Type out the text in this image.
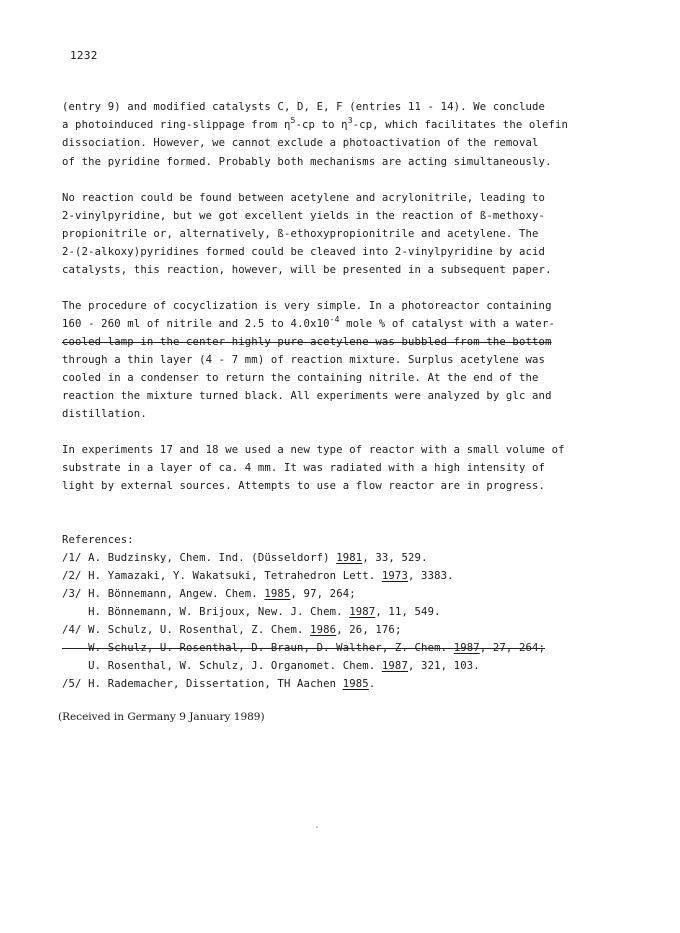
1232
(entry 9) and modified catalysts C, D, E, F (entries 11 - 14). We conclude
a photoinduced ring-slippage from $\eta^5-cp$ to $\eta^3-cp$, which facilitates the olefin
dissociation. However, we cannot exclude a photoactivation of the removal
of the pyridine formed. Probably both mechanisms are acting simultaneously.
No reaction could be found between acetylene and acrylonitrile, leading to
2-vinylpyridine, but we got excellent yields in the reaction of ß-methoxy-
propionitrile or, alternatively, ß-ethoxypropionitrile and acetylene. The
2-(2-alkoxy)pyridines formed could be cleaved into 2-vinylpyridine by acid
catalysts, this reaction, however, will be presented in a subsequent paper.
The procedure of cocyclization is very simple. In a photoreactor containing
160 - 260 ml of nitrile and 2.5 to $4.0x10^{-4}$ mole % of catalyst with a water-
cooled lamp in the center highly pure acetylene was bubbled from the bottom
through a thin layer (4 - 7 mm) of reaction mixture. Surplus acetylene was
cooled in a condenser to return the containing nitrile. At the end of the
reaction the mixture turned black. All experiments were analyzed by glc and
distillation.
In experiments 17 and 18 we used a new type of reactor with a small volume of
substrate in a layer of ca. 4 mm. It was radiated with a high intensity of
light by external sources. Attempts to use a flow reactor are in progress.
References:
/1/ A. Budzinsky, Chem. Ind. (Düsseldorf) 1981, 33, 529.
/2/ H. Yamazaki, Y. Wakatsuki, Tetrahedron Lett. 1973, 3383.
/3/ H. Bönnemann, Angew. Chem. 1985, 97, 264;
H. Bönnemann, W. Brijoux, New. J. Chem. 1987, 11, 549.
/4/ W. Schulz, U. Rosenthal, Z. Chem. 1986, 26, 176;
W. Schulz, U. Rosenthal, D. Braun, D. Walther, Z. Chem. 1987, 27, 264;
U. Rosenthal, W. Schulz, J. Organomet. Chem. 1987, 321, 103.
/5/ H. Rademacher, Dissertation, TH Aachen 1985.
(Received in Germany 9 January 1989)
